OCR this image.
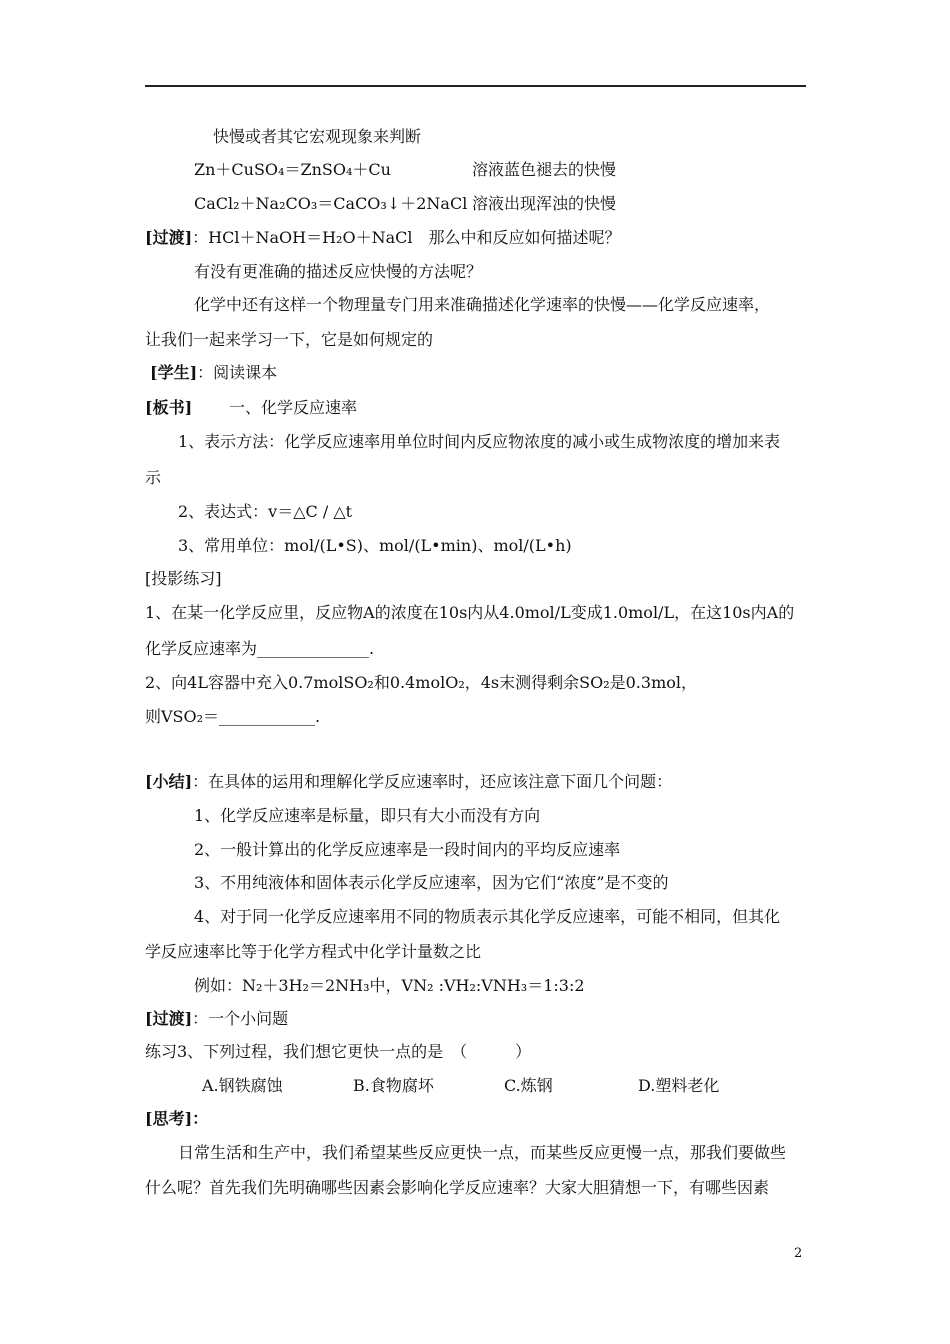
快慢或者其它宏观现象来判断
Zn＋CuSO₄＝ZnSO₄＋Cu	溶液蓝色褪去的快慢
CaCl₂＋Na₂CO₃＝CaCO₃↓＋2NaCl 溶液出现浑浊的快慢
[过渡]：HCl＋NaOH＝H₂O＋NaCl　那么中和反应如何描述呢？
有没有更准确的描述反应快慢的方法呢？
化学中还有这样一个物理量专门用来准确描述化学速率的快慢——化学反应速率，
让我们一起来学习一下，它是如何规定的
[学生]：阅读课本
[板书] 一、化学反应速率
1、表示方法：化学反应速率用单位时间内反应物浓度的减小或生成物浓度的增加来表
示
2、表达式：v＝△C / △t
3、常用单位：mol/(L•S)、mol/(L•min)、mol/(L•h)
[投影练习]
1、在某一化学反应里，反应物A的浓度在10s内从4.0mol/L变成1.0mol/L，在这10s内A的
化学反应速率为______________.
2、向4L容器中充入0.7molSO₂和0.4molO₂，4s末测得剩余SO₂是0.3mol，
则VSO₂＝____________.
[小结]：在具体的运用和理解化学反应速率时，还应该注意下面几个问题：
1、化学反应速率是标量，即只有大小而没有方向
2、一般计算出的化学反应速率是一段时间内的平均反应速率
3、不用纯液体和固体表示化学反应速率，因为它们“浓度”是不变的
4、对于同一化学反应速率用不同的物质表示其化学反应速率，可能不相同，但其化
学反应速率比等于化学方程式中化学计量数之比
例如：N₂＋3H₂＝2NH₃中，VN₂ :VH₂:VNH₃＝1:3:2
[过渡]：一个小问题
练习3、下列过程，我们想它更快一点的是　（　　　）
A.钢铁腐蚀	B.食物腐坏	C.炼钢	D.塑料老化
[思考]：
日常生活和生产中，我们希望某些反应更快一点，而某些反应更慢一点，那我们要做些
什么呢？首先我们先明确哪些因素会影响化学反应速率？大家大胆猜想一下，有哪些因素
2
